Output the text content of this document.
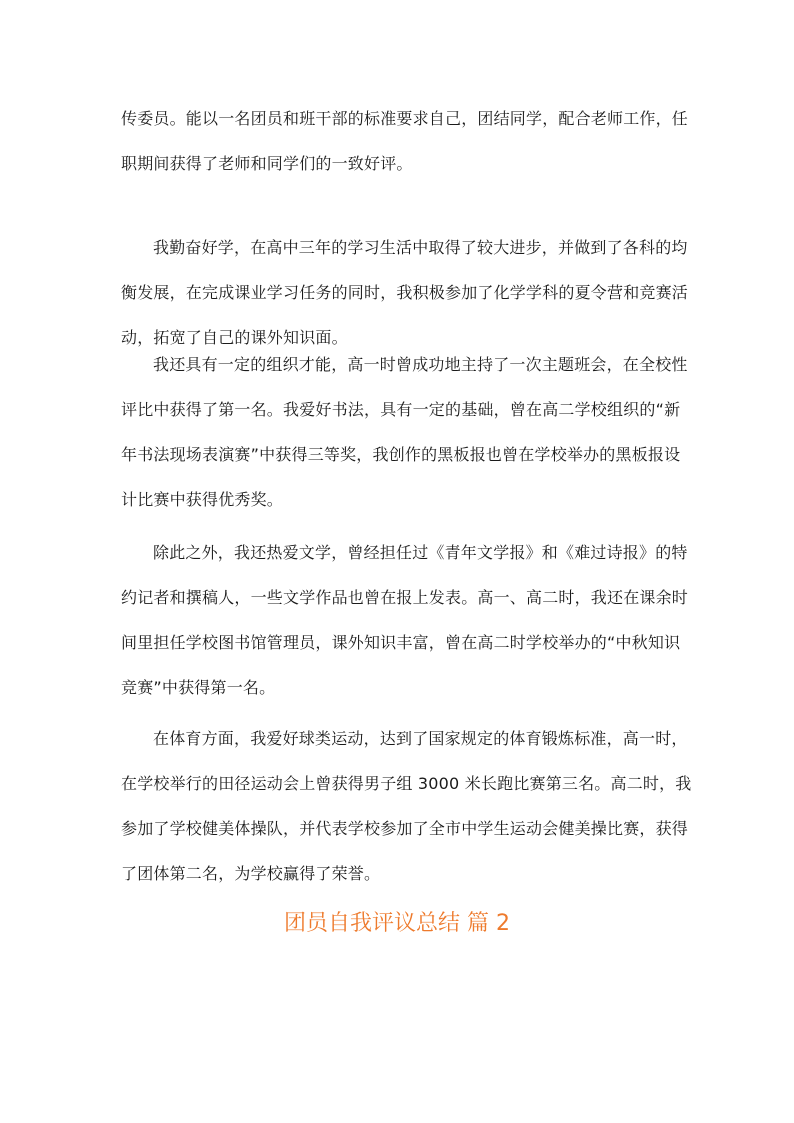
传委员。能以一名团员和班干部的标准要求自己，团结同学，配合老师工作，任
职期间获得了老师和同学们的一致好评。

我勤奋好学，在高中三年的学习生活中取得了较大进步，并做到了各科的均
衡发展，在完成课业学习任务的同时，我积极参加了化学学科的夏令营和竞赛活
动，拓宽了自己的课外知识面。

我还具有一定的组织才能，高一时曾成功地主持了一次主题班会，在全校性
评比中获得了第一名。我爱好书法，具有一定的基础，曾在高二学校组织的“新
年书法现场表演赛”中获得三等奖，我创作的黑板报也曾在学校举办的黑板报设
计比赛中获得优秀奖。

除此之外，我还热爱文学，曾经担任过《青年文学报》和《难过诗报》的特
约记者和撰稿人，一些文学作品也曾在报上发表。高一、高二时，我还在课余时
间里担任学校图书馆管理员，课外知识丰富，曾在高二时学校举办的“中秋知识
竞赛”中获得第一名。

在体育方面，我爱好球类运动，达到了国家规定的体育锻炼标准，高一时，
在学校举行的田径运动会上曾获得男子组 3000 米长跑比赛第三名。高二时，我
参加了学校健美体操队，并代表学校参加了全市中学生运动会健美操比赛，获得
了团体第二名，为学校赢得了荣誉。

团员自我评议总结 篇 2
